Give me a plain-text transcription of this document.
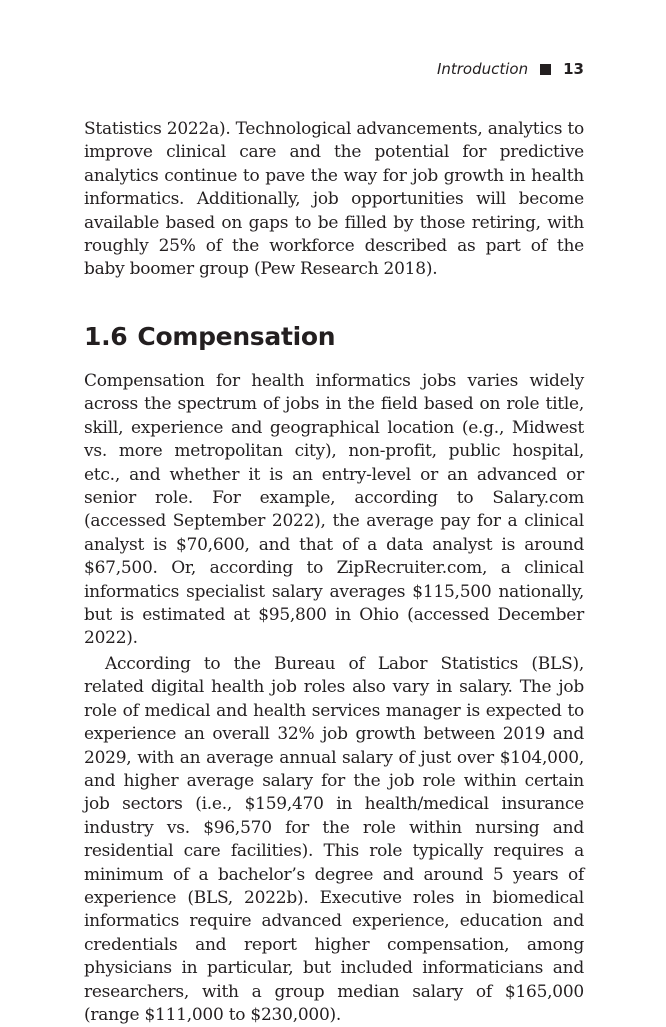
Introduction 13

Statistics 2022a). Technological advancements, analytics to improve clinical care and the potential for predictive analytics continue to pave the way for job growth in health informatics. Additionally, job opportunities will become available based on gaps to be filled by those retiring, with roughly 25% of the workforce described as part of the baby boomer group (Pew Research 2018).

1.6 Compensation

Compensation for health informatics jobs varies widely across the spectrum of jobs in the field based on role title, skill, experience and geographical location (e.g., Midwest vs. more metropolitan city), non-profit, public hospital, etc., and whether it is an entry-level or an advanced or senior role. For example, according to Salary.com (accessed September 2022), the average pay for a clinical analyst is $70,600, and that of a data analyst is around $67,500. Or, according to ZipRecruiter.com, a clinical informatics specialist salary averages $115,500 nationally, but is estimated at $95,800 in Ohio (accessed December 2022).

According to the Bureau of Labor Statistics (BLS), related digital health job roles also vary in salary. The job role of medical and health services manager is expected to experience an overall 32% job growth between 2019 and 2029, with an average annual salary of just over $104,000, and higher average salary for the job role within certain job sectors (i.e., $159,470 in health/medical insurance industry vs. $96,570 for the role within nursing and residential care facilities). This role typically requires a minimum of a bachelor’s degree and around 5 years of experience (BLS, 2022b). Executive roles in biomedical informatics require advanced experience, education and credentials and report higher compensation, among physicians in particular, but included informaticians and researchers, with a group median salary of $165,000 (range $111,000 to $230,000).
